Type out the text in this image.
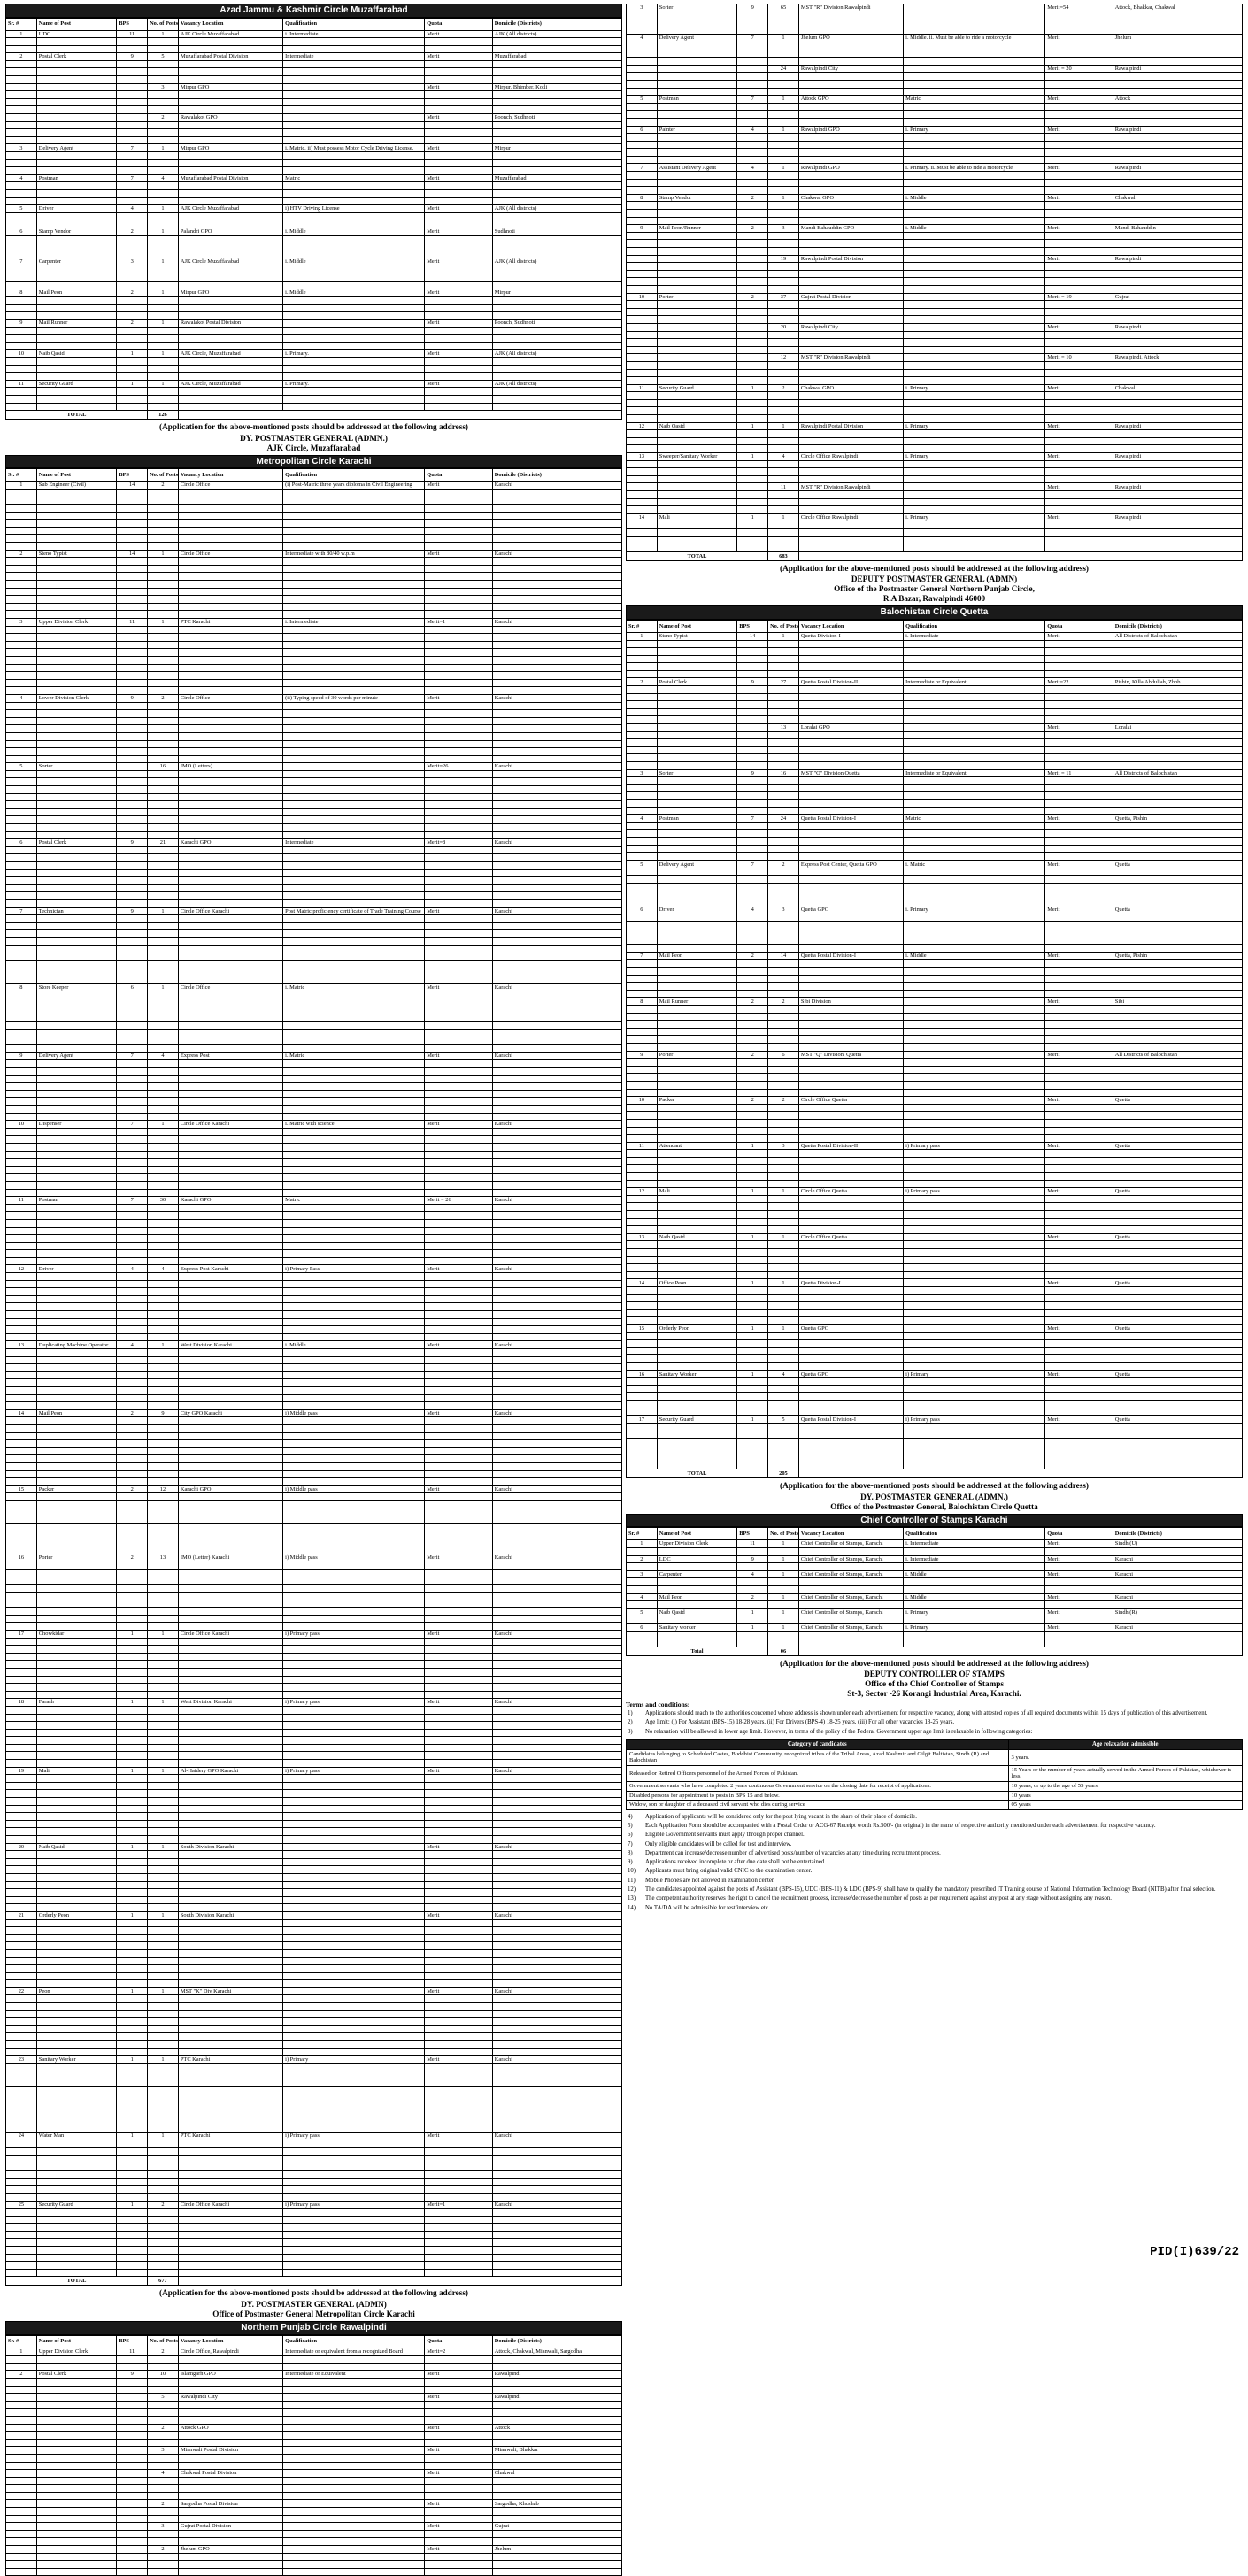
Azad Jammu & Kashmir Circle Muzaffarabad
Sr. #	Name of Post	BPS	No. of Posts	Vacancy Location	Qualification	Quota	Domicile (Districts)
1	UDC	11	1	AJK Circle Muzaffarabad	i. Intermediate	Merit	AJK (All districts)

2	Postal Clerk	9	5	Muzaffarabad Postal Division	Intermediate	Merit	Muzaffarabad

			3	Mirpur GPO		Merit	Mirpur, Bhimber, Kotli

			2	Rawalakot GPO		Merit	Poonch, Sudhnoti

3	Delivery Agent	7	1	Mirpur GPO	i. Matric. ii) Must possess Motor Cycle Driving License.	Merit	Mirpur

4	Postman	7	4	Muzaffarabad Postal Division	Matric	Merit	Muzaffarabad

5	Driver	4	1	AJK Circle Muzaffarabad	i) HTV Driving License	Merit	AJK (All districts)

6	Stamp Vendor	2	1	Palandri GPO	i. Middle	Merit	Sudhnoti

7	Carpenter	3	1	AJK Circle Muzaffarabad	i. Middle	Merit	AJK (All districts)

8	Mail Peon	2	1	Mirpur GPO	i. Middle	Merit	Mirpur

9	Mail Runner	2	1	Rawalakot Postal Division		Merit	Poonch, Sudhnoti

10	Naib Qasid	1	1	AJK Circle, Muzaffarabad	i. Primary.	Merit	AJK (All districts)

11	Security Guard	1	1	AJK Circle, Muzaffarabad	i. Primary.	Merit	AJK (All districts)

TOTAL			126				
(Application for the above-mentioned posts should be addressed at the following address)
DY. POSTMASTER GENERAL (ADMN.)
AJK Circle, Muzaffarabad
Metropolitan Circle Karachi
Sr. #	Name of Post	BPS	No. of Posts	Vacancy Location	Qualification	Quota	Domicile (Districts)
1	Sub Engineer (Civil)	14	2	Circle Office	(i) Post-Matric three years diploma in Civil Engineering	Merit	Karachi

2	Steno Typist	14	1	Circle Office	Intermediate with 80/40 w.p.m	Merit	Karachi

3	Upper Division Clerk	11	1	PTC Karachi	i. Intermediate	Merit=1	Karachi

4	Lower Division Clerk	9	2	Circle Office	(ii) Typing speed of 30 words per minute	Merit	Karachi

5	Sorter		16	IMO (Letters)		Merit=26	Karachi

6	Postal Clerk	9	21	Karachi GPO	Intermediate	Merit=8	Karachi

7	Technician	9	1	Circle Office Karachi	Post Matric proficiency certificate of Trade Training Course	Merit	Karachi

8	Store Keeper	6	1	Circle Office	i. Matric	Merit	Karachi

9	Delivery Agent	7	4	Express Post	i. Matric	Merit	Karachi

10	Dispenser	7	1	Circle Office Karachi	i. Matric with science	Merit	Karachi

11	Postman	7	30	Karachi GPO	Matric	Merit = 26	Karachi

12	Driver	4	4	Express Post Karachi	i) Primary Pass	Merit	Karachi

13	Duplicating Machine Operator	4	1	West Division Karachi	i. Middle	Merit	Karachi

14	Mail Peon	2	9	City GPO Karachi	i) Middle pass	Merit	Karachi

15	Packer	2	12	Karachi GPO	i) Middle pass	Merit	Karachi

16	Porter	2	13	IMO (Letter) Karachi	i) Middle pass	Merit	Karachi

17	Chowkidar	1	1	Circle Office Karachi	i) Primary pass	Merit	Karachi

18	Farash	1	1	West Division Karachi	i) Primary pass	Merit	Karachi

19	Mali	1	1	Al-Haidery GPO Karachi	i) Primary pass	Merit	Karachi

20	Naib Qasid	1	1	South Division Karachi		Merit	Karachi

21	Orderly Peon	1	1	South Division Karachi		Merit	Karachi

22	Peon	1	1	MST "K" Div Karachi		Merit	Karachi

23	Sanitary Worker	1	1	PTC Karachi	i) Primary	Merit	Karachi

24	Water Man	1	1	PTC Karachi	i) Primary pass	Merit	Karachi

25	Security Guard	1	2	Circle Office Karachi	i) Primary pass	Merit=1	Karachi

TOTAL			677				
(Application for the above-mentioned posts should be addressed at the following address)
DY. POSTMASTER GENERAL (ADMN)
Office of Postmaster General Metropolitan Circle Karachi
Northern Punjab Circle Rawalpindi
Sr. #	Name of Post	BPS	No. of Posts	Vacancy Location	Qualification	Quota	Domicile (Districts)
1	Upper Division Clerk	11	2	Circle Office, Rawalpindi	Intermediate or equivalent from a recognized Board	Merit=2	Attock, Chakwal, Mianwali, Sargodha

2	Postal Clerk	9	10	Islamgarh GPO	Intermediate or Equivalent	Merit	Rawalpindi

			5	Rawalpindi City		Merit	Rawalpindi

			2	Attock GPO		Merit	Attock

			3	Mianwali Postal Division		Merit	Mianwali, Bhakkar

			4	Chakwal Postal Division		Merit	Chakwal

			2	Sargodha Postal Division		Merit	Sargodha, Khushab

			3	Gujrat Postal Division		Merit	Gujrat

			2	Jhelum GPO		Merit	Jhelum

3	Sorter	9	65	MST "R" Division Rawalpindi		Merit=54	Attock, Bhakkar, Chakwal

4	Delivery Agent	7	1	Jhelum GPO	i. Middle. ii. Must be able to ride a motorcycle	Merit	Jhelum

			24	Rawalpindi City		Merit = 20	Rawalpindi

5	Postman	7	1	Attock GPO	Matric	Merit	Attock

6	Painter	4	1	Rawalpindi GPO	i. Primary	Merit	Rawalpindi

7	Assistant Delivery Agent	4	1	Rawalpindi GPO	i. Primary. ii. Must be able to ride a motorcycle	Merit	Rawalpindi

8	Stamp Vendor	2	1	Chakwal GPO	i. Middle	Merit	Chakwal

9	Mail Peon/Runner	2	3	Mandi Bahauddin GPO	i. Middle	Merit	Mandi Bahauddin

			19	Rawalpindi Postal Division		Merit	Rawalpindi

10	Porter	2	37	Gujrat Postal Division		Merit = 19	Gujrat

			20	Rawalpindi City		Merit	Rawalpindi

			12	MST "R" Division Rawalpindi		Merit = 10	Rawalpindi, Attock

11	Security Guard	1	2	Chakwal GPO	i. Primary	Merit	Chakwal

12	Naib Qasid	1	1	Rawalpindi Postal Division	i. Primary	Merit	Rawalpindi

13	Sweeper/Sanitary Worker	1	4	Circle Office Rawalpindi	i. Primary	Merit	Rawalpindi

			11	MST "R" Division Rawalpindi		Merit	Rawalpindi

14	Mali	1	1	Circle Office Rawalpindi	i. Primary	Merit	Rawalpindi

TOTAL			683				
(Application for the above-mentioned posts should be addressed at the following address)
DEPUTY POSTMASTER GENERAL (ADMN)
Office of the Postmaster General Northern Punjab Circle,
R.A Bazar, Rawalpindi 46000
Balochistan Circle Quetta
Sr. #	Name of Post	BPS	No. of Posts	Vacancy Location	Qualification	Quota	Domicile (Districts)
1	Steno Typist	14	1	Quetta Division-I	i. Intermediate	Merit	All Districts of Balochistan

2	Postal Clerk	9	27	Quetta Postal Division-II	Intermediate or Equivalent	Merit=22	Pishin, Killa Abdullah, Zhob

			13	Loralai GPO		Merit	Loralai

3	Sorter	9	16	MST "Q" Division Quetta	Intermediate or Equivalent	Merit = 11	All Districts of Balochistan

4	Postman	7	24	Quetta Postal Division-I	Matric	Merit	Quetta, Pishin

5	Delivery Agent	7	2	Express Post Center, Quetta GPO	i. Matric	Merit	Quetta

6	Driver	4	3	Quetta GPO	i. Primary	Merit	Quetta

7	Mail Peon	2	14	Quetta Postal Division-I	i. Middle	Merit	Quetta, Pishin

8	Mail Runner	2	2	Sibi Division		Merit	Sibi

9	Porter	2	6	MST "Q" Division, Quetta		Merit	All Districts of Balochistan

10	Packer	2	2	Circle Office Quetta		Merit	Quetta

11	Attendant	1	3	Quetta Postal Division-II	i) Primary pass	Merit	Quetta

12	Mali	1	1	Circle Office Quetta	i) Primary pass	Merit	Quetta

13	Naib Qasid	1	1	Circle Office Quetta		Merit	Quetta

14	Office Peon	1	1	Quetta Division-I		Merit	Quetta

15	Orderly Peon	1	1	Quetta GPO		Merit	Quetta

16	Sanitary Worker	1	4	Quetta GPO	i) Primary	Merit	Quetta

17	Security Guard	1	5	Quetta Postal Division-I	i) Primary pass	Merit	Quetta

TOTAL			205				
(Application for the above-mentioned posts should be addressed at the following address)
DY. POSTMASTER GENERAL (ADMN.)
Office of the Postmaster General, Balochistan Circle Quetta
Chief Controller of Stamps Karachi
Sr. #	Name of Post	BPS	No. of Posts	Vacancy Location	Qualification	Quota	Domicile (Districts)
1	Upper Division Clerk	11	1	Chief Controller of Stamps, Karachi	i. Intermediate	Merit	Sindh (U)

2	LDC	9	1	Chief Controller of Stamps, Karachi	i. Intermediate	Merit	Karachi

3	Carpenter	4	1	Chief Controller of Stamps, Karachi	i. Middle	Merit	Karachi

4	Mail Peon	2	1	Chief Controller of Stamps, Karachi	i. Middle	Merit	Karachi

5	Naib Qasid	1	1	Chief Controller of Stamps, Karachi	i. Primary	Merit	Sindh (R)

6	Sanitary worker	1	1	Chief Controller of Stamps, Karachi	i. Primary	Merit	Karachi

Total			06				
(Application for the above-mentioned posts should be addressed at the following address)
DEPUTY CONTROLLER OF STAMPS
Office of the Chief Controller of Stamps
St-3, Sector -26 Korangi Industrial Area, Karachi.
Terms and conditions:
1) Applications should reach to the authorities concerned whose address is shown under each advertisement for respective vacancy, along with attested copies of all required documents within 15 days of publication of this advertisement.
2) Age limit: (i) For Assistant (BPS-15) 18-28 years, (ii) For Drivers (BPS-4) 18-25 years. (iii) For all other vacancies 18-25 years.
3) No relaxation will be allowed in lower age limit. However, in terms of the policy of the Federal Government upper age limit is relaxable in following categories:
Category of candidates	Age relaxation admissible
Candidates belonging to Scheduled Castes, Buddhist Community, recognized tribes of the Tribal Areas, Azad Kashmir and Gilgit Baltistan, Sindh (R) and Balochistan	3 years.
Released or Retired Officers personnel of the Armed Forces of Pakistan.	15 Years or the number of years actually served in the Armed Forces of Pakistan, whichever is less.
Government servants who have completed 2 years continuous Government service on the closing date for receipt of applications.	10 years, or up to the age of 55 years.
Disabled persons for appointment to posts in BPS 15 and below.	10 years
Widow, son or daughter of a deceased civil servant who dies during service	05 years
4) Application of applicants will be considered only for the post lying vacant in the share of their place of domicile.
5) Each Application Form should be accompanied with a Postal Order or ACG-67 Receipt worth Rs.500/- (in original) in the name of respective authority mentioned under each advertisement for respective vacancy.
6) Eligible Government servants must apply through proper channel.
7) Only eligible candidates will be called for test and interview.
8) Department can increase/decrease number of advertised posts/number of vacancies at any time during recruitment process.
9) Applications received incomplete or after due date shall not be entertained.
10) Applicants must bring original valid CNIC to the examination center.
11) Mobile Phones are not allowed in examination center.
12) The candidates appointed against the posts of Assistant (BPS-15), UDC (BPS-11) & LDC (BPS-9) shall have to qualify the mandatory prescribed IT Training course of National Information Technology Board (NITB) after final selection.
13) The competent authority reserves the right to cancel the recruitment process, increase/decrease the number of posts as per requirement against any post at any stage without assigning any reason.
14) No TA/DA will be admissible for test/interview etc.
PID(I)639/22
